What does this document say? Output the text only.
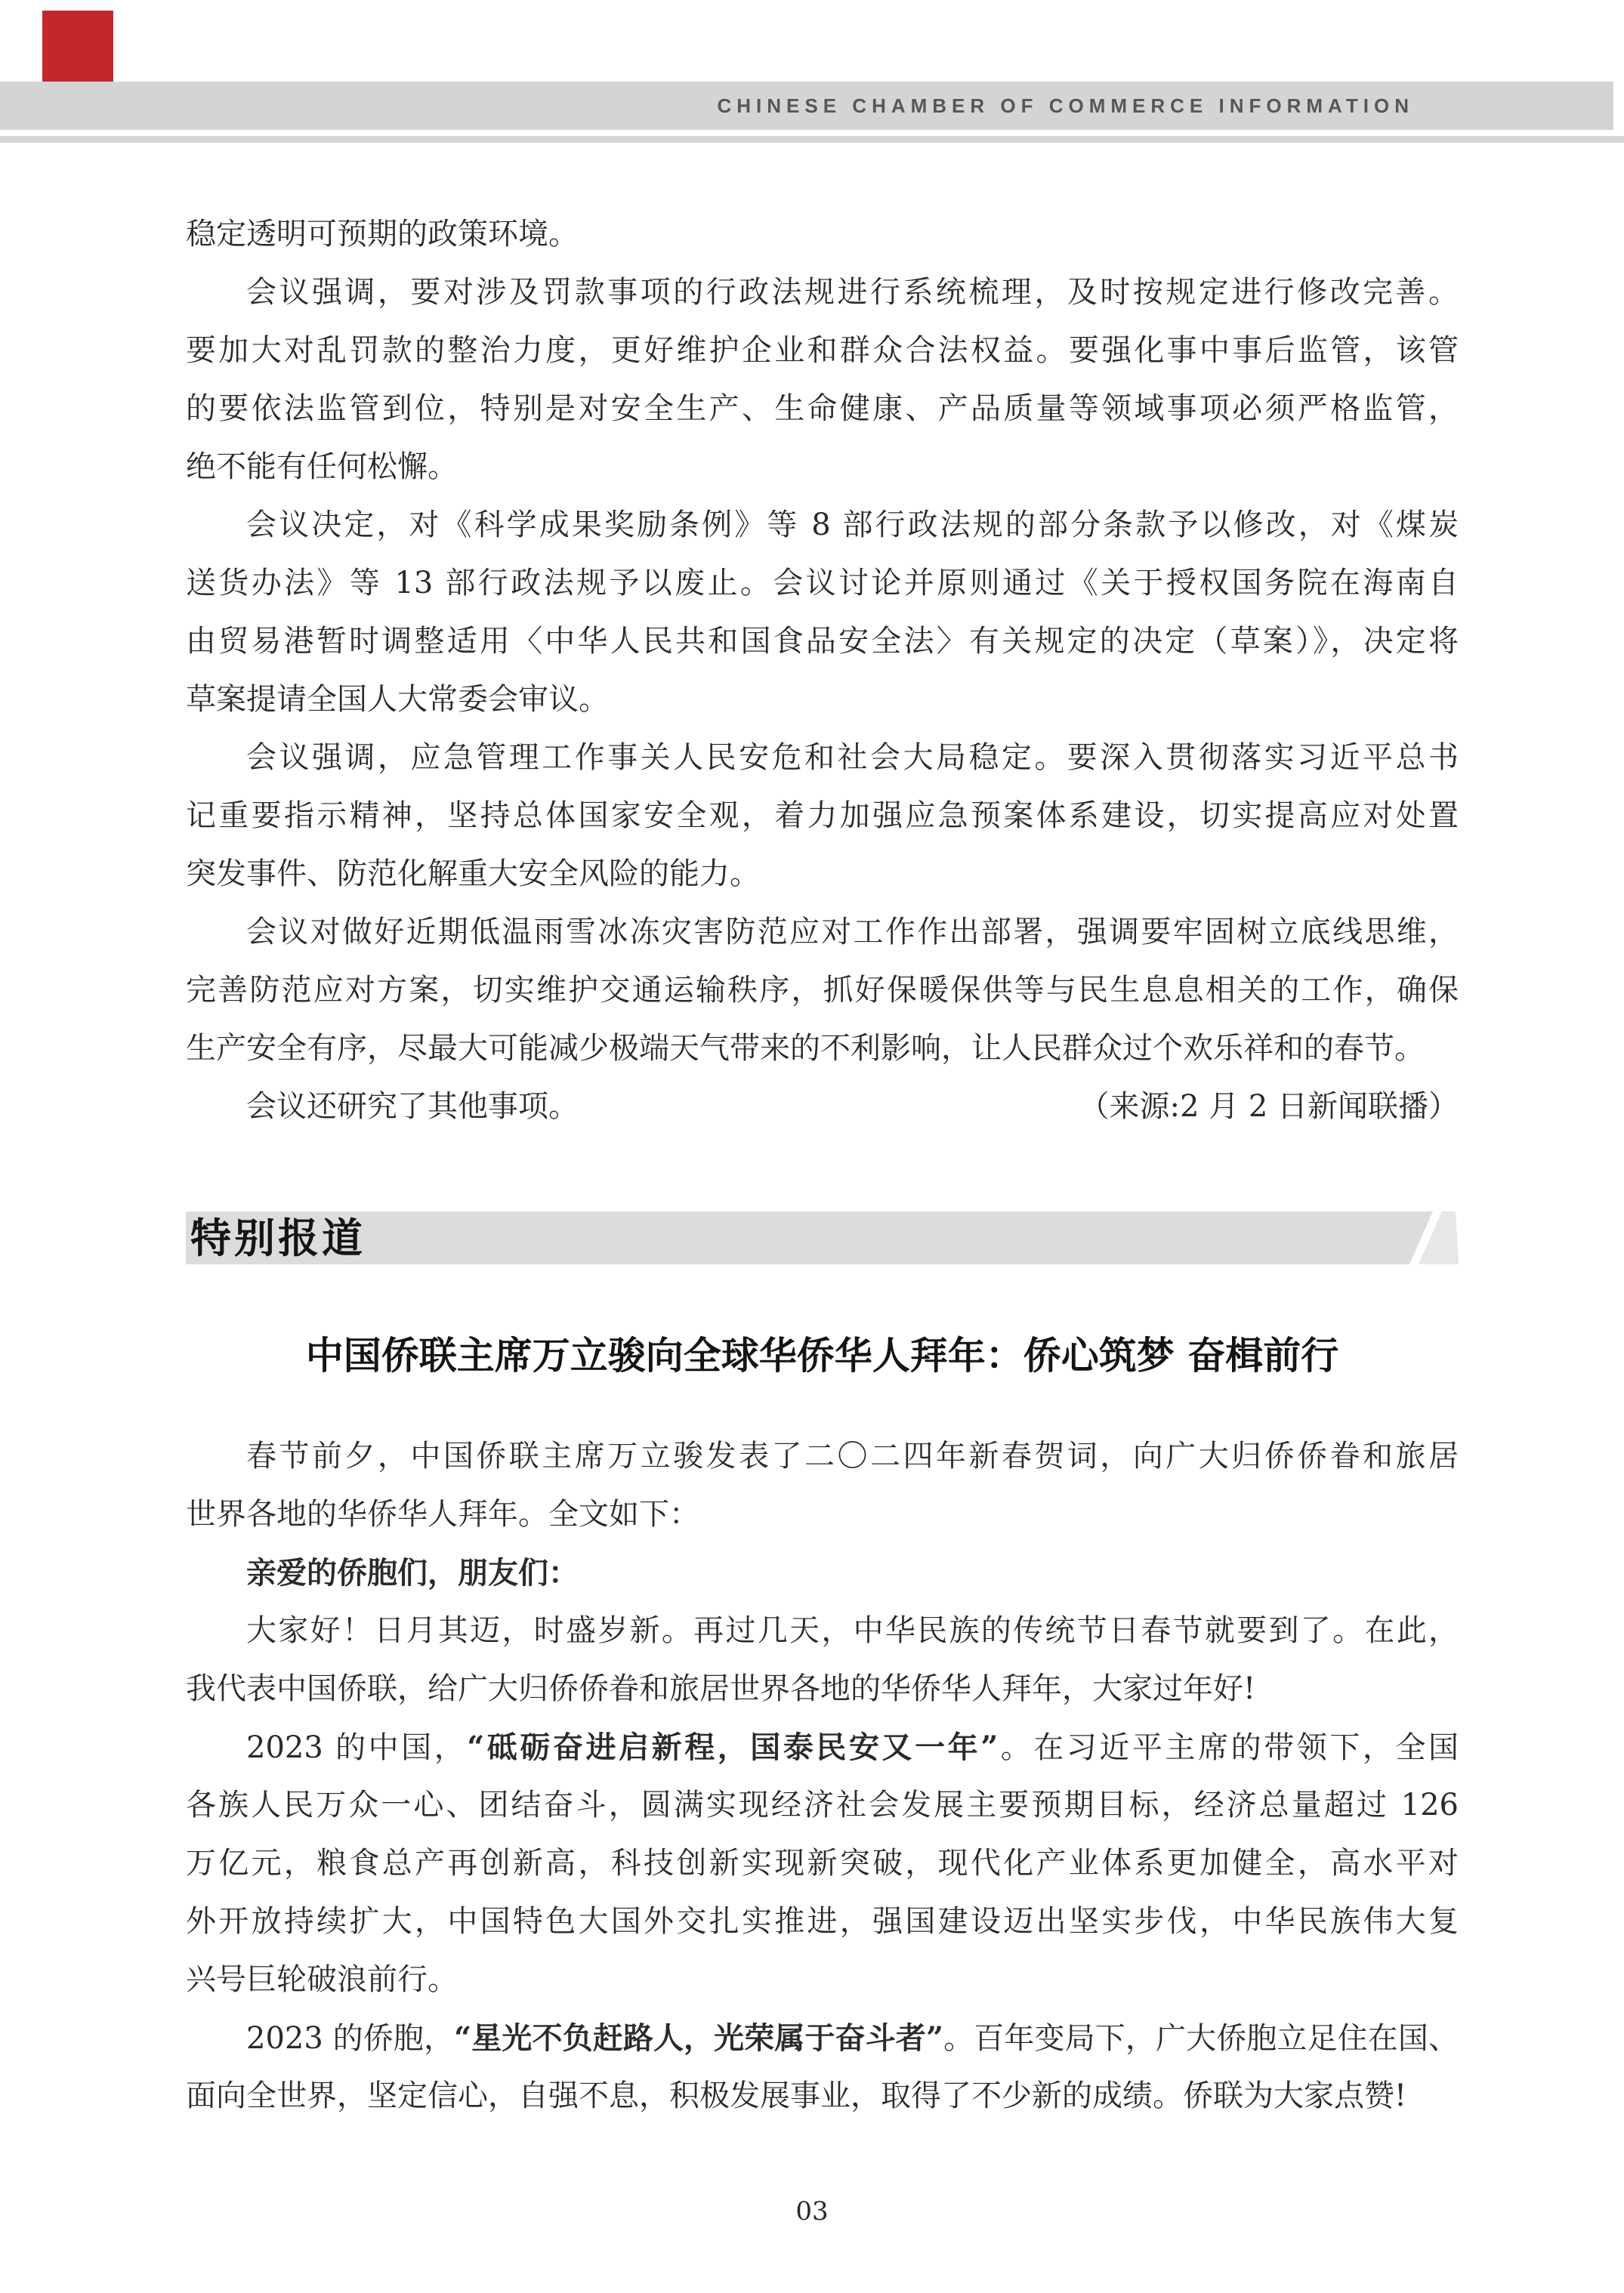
CHINESE CHAMBER OF COMMERCE INFORMATION
稳定透明可预期的政策环境。
会议强调，要对涉及罚款事项的行政法规进行系统梳理，及时按规定进行修改完善。
要加大对乱罚款的整治力度，更好维护企业和群众合法权益。要强化事中事后监管，该管
的要依法监管到位，特别是对安全生产、生命健康、产品质量等领域事项必须严格监管，
绝不能有任何松懈。
会议决定，对《科学成果奖励条例》等 8 部行政法规的部分条款予以修改，对《煤炭
送货办法》等 13 部行政法规予以废止。会议讨论并原则通过《关于授权国务院在海南自
由贸易港暂时调整适用〈中华人民共和国食品安全法〉有关规定的决定（草案）》，决定将
草案提请全国人大常委会审议。
会议强调，应急管理工作事关人民安危和社会大局稳定。要深入贯彻落实习近平总书
记重要指示精神，坚持总体国家安全观，着力加强应急预案体系建设，切实提高应对处置
突发事件、防范化解重大安全风险的能力。
会议对做好近期低温雨雪冰冻灾害防范应对工作作出部署，强调要牢固树立底线思维，
完善防范应对方案，切实维护交通运输秩序，抓好保暖保供等与民生息息相关的工作，确保
生产安全有序，尽最大可能减少极端天气带来的不利影响，让人民群众过个欢乐祥和的春节。
会议还研究了其他事项。	（来源:2 月 2 日新闻联播）
特别报道
中国侨联主席万立骏向全球华侨华人拜年：侨心筑梦 奋楫前行
春节前夕，中国侨联主席万立骏发表了二〇二四年新春贺词，向广大归侨侨眷和旅居
世界各地的华侨华人拜年。全文如下：
亲爱的侨胞们，朋友们：
大家好！日月其迈，时盛岁新。再过几天，中华民族的传统节日春节就要到了。在此，
我代表中国侨联，给广大归侨侨眷和旅居世界各地的华侨华人拜年，大家过年好!
2023 的中国，“砥砺奋进启新程，国泰民安又一年”。在习近平主席的带领下，全国
各族人民万众一心、团结奋斗，圆满实现经济社会发展主要预期目标，经济总量超过 126
万亿元，粮食总产再创新高，科技创新实现新突破，现代化产业体系更加健全，高水平对
外开放持续扩大，中国特色大国外交扎实推进，强国建设迈出坚实步伐，中华民族伟大复
兴号巨轮破浪前行。
2023 的侨胞，“星光不负赶路人，光荣属于奋斗者”。百年变局下，广大侨胞立足住在国、
面向全世界，坚定信心，自强不息，积极发展事业，取得了不少新的成绩。侨联为大家点赞!
03
